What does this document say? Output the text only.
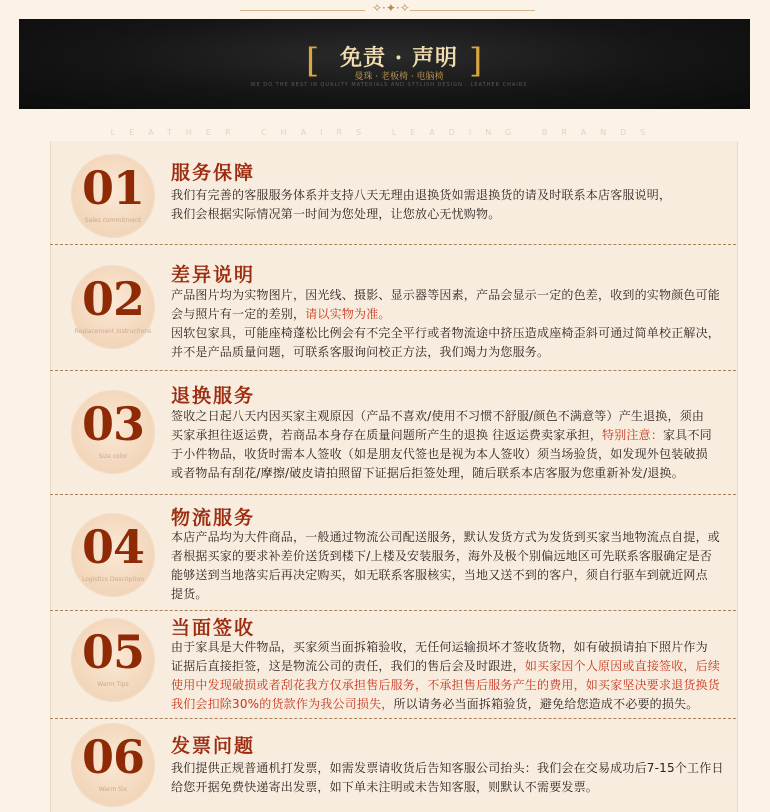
✧·✦·✧
[ 免责 · 声明 ]
曼珠 · 老板椅 · 电脑椅
WE DO THE BEST IN QUALITY MATERIALS AND STYLISH DESIGN · LEATHER CHAIRS
LEATHER CHAIRS LEADING BRANDS
01
Sales commitment
服务保障
我们有完善的客服服务体系并支持八天无理由退换货如需退换货的请及时联系本店客服说明，
我们会根据实际情况第一时间为您处理，让您放心无忧购物。
02
Replacement instructions
差异说明
产品图片均为实物图片，因光线、摄影、显示器等因素，产品会显示一定的色差，收到的实物颜色可能
会与照片有一定的差别，请以实物为准。
因软包家具，可能座椅蓬松比例会有不完全平行或者物流途中挤压造成座椅歪斜可通过简单校正解决，
并不是产品质量问题，可联系客服询问校正方法，我们竭力为您服务。
03
Size color
退换服务
签收之日起八天内因买家主观原因（产品不喜欢/使用不习惯不舒服/颜色不满意等）产生退换，须由
买家承担往返运费，若商品本身存在质量问题所产生的退换 往返运费卖家承担，特别注意：家具不同
于小件物品，收货时需本人签收（如是朋友代签也是视为本人签收）须当场验货，如发现外包装破损
或者物品有刮花/摩擦/破皮请拍照留下证据后拒签处理，随后联系本店客服为您重新补发/退换。
04
Logistics Description
物流服务
本店产品均为大件商品，一般通过物流公司配送服务，默认发货方式为发货到买家当地物流点自提，或
者根据买家的要求补差价送货到楼下/上楼及安装服务，海外及极个别偏远地区可先联系客服确定是否
能够送到当地落实后再决定购买，如无联系客服核实，当地又送不到的客户，须自行驱车到就近网点
提货。
05
Warm Tips
当面签收
由于家具是大件物品，买家须当面拆箱验收，无任何运输损坏才签收货物，如有破损请拍下照片作为
证据后直接拒签，这是物流公司的责任，我们的售后会及时跟进，如买家因个人原因或直接签收，后续
使用中发现破损或者刮花我方仅承担售后服务，不承担售后服务产生的费用，如买家坚决要求退货换货
我们会扣除30%的货款作为我公司损失，所以请务必当面拆箱验货，避免给您造成不必要的损失。
06
Warm Six
发票问题
我们提供正规普通机打发票，如需发票请收货后告知客服公司抬头：我们会在交易成功后7-15个工作日
给您开据免费快递寄出发票，如下单未注明或未告知客服，则默认不需要发票。
